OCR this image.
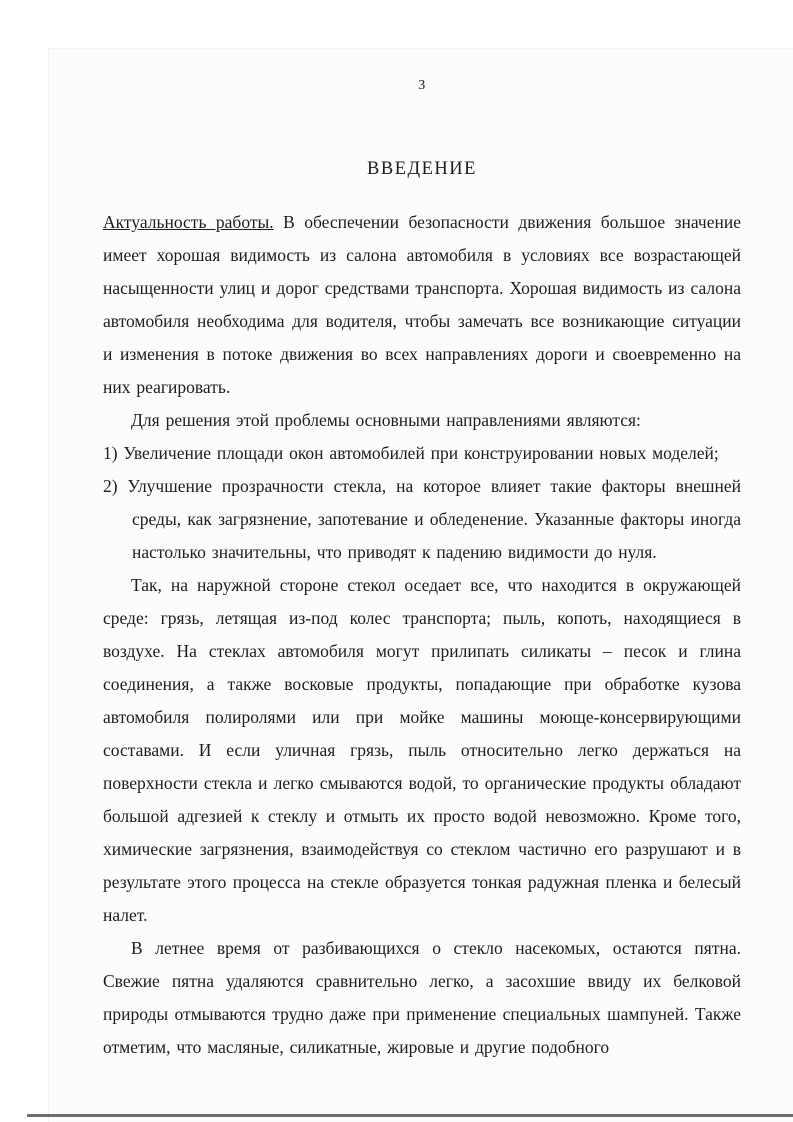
3
ВВЕДЕНИЕ

Актуальность работы. В обеспечении безопасности движения большое значение имеет хорошая видимость из салона автомобиля в условиях все возрастающей насыщенности улиц и дорог средствами транспорта. Хорошая видимость из салона автомобиля необходима для водителя, чтобы замечать все возникающие ситуации и изменения в потоке движения во всех направлениях дороги и своевременно на них реагировать.

Для решения этой проблемы основными направлениями являются:

1) Увеличение площади окон автомобилей при конструировании новых моделей;

2) Улучшение прозрачности стекла, на которое влияет такие факторы внешней среды, как загрязнение, запотевание и обледенение. Указанные факторы иногда настолько значительны, что приводят к падению видимости до нуля.

Так, на наружной стороне стекол оседает все, что находится в окружающей среде: грязь, летящая из-под колес транспорта; пыль, копоть, находящиеся в воздухе. На стеклах автомобиля могут прилипать силикаты – песок и глина соединения, а также восковые продукты, попадающие при обработке кузова автомобиля полиролями или при мойке машины моюще-консервирующими составами. И если уличная грязь, пыль относительно легко держаться на поверхности стекла и легко смываются водой, то органические продукты обладают большой адгезией к стеклу и отмыть их просто водой невозможно. Кроме того, химические загрязнения, взаимодействуя со стеклом частично его разрушают и в результате этого процесса на стекле образуется тонкая радужная пленка и белесый налет.

В летнее время от разбивающихся о стекло насекомых, остаются пятна. Свежие пятна удаляются сравнительно легко, а засохшие ввиду их белковой природы отмываются трудно даже при применение специальных шампуней. Также отметим, что масляные, силикатные, жировые и другие подобного
